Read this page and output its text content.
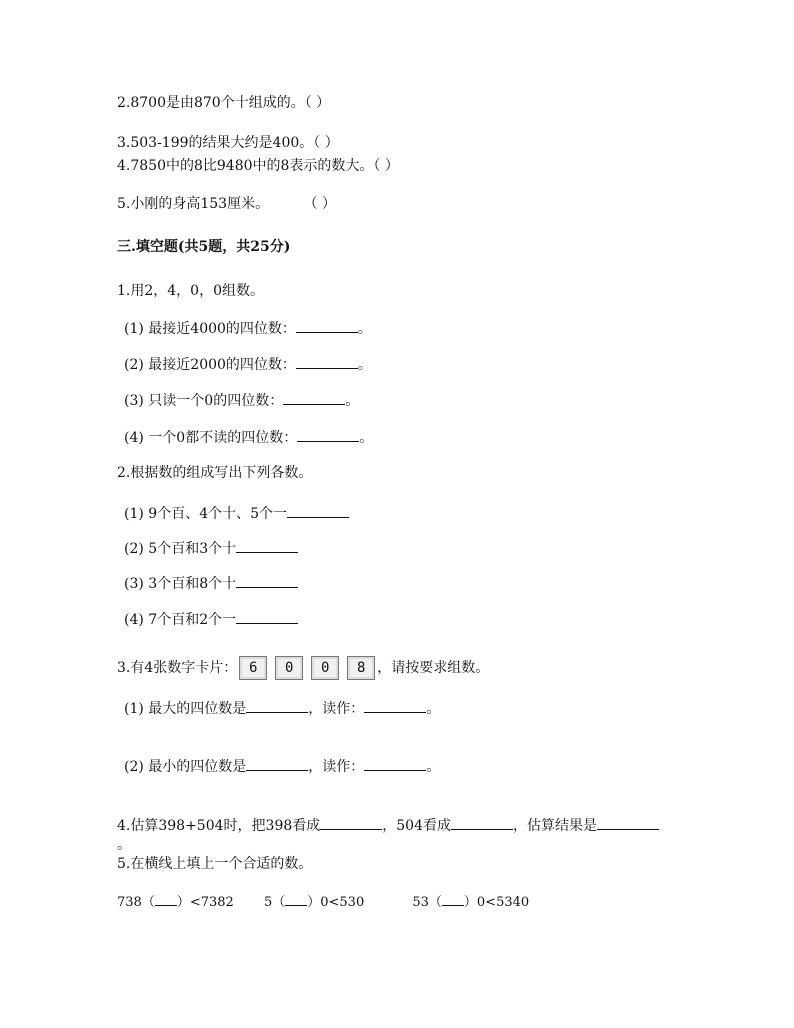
2.8700是由870个十组成的。（ ）
3.503-199的结果大约是400。（ ）
4.7850中的8比9480中的8表示的数大。（ ）
5.小刚的身高153厘米。 （ ）
三.填空题(共5题，共25分)
1.用2，4，0，0组数。
(1) 最接近4000的四位数：	。
(2) 最接近2000的四位数：	。
(3) 只读一个0的四位数：	。
(4) 一个0都不读的四位数：	。
2.根据数的组成写出下列各数。
(1) 9个百、4个十、5个一
(2) 5个百和3个十
(3) 3个百和8个十
(4) 7个百和2个一
3.有4张数字卡片： 6	0	0	8 ，请按要求组数。
(1) 最大的四位数是	，读作：	。
(2) 最小的四位数是	，读作：	。
4.估算398+504时，把398看成	，504看成	，估算结果是
。
5.在横线上填上一个合适的数。
738（ ）<7382 5（ ）0<530	53（ ）0<5340
